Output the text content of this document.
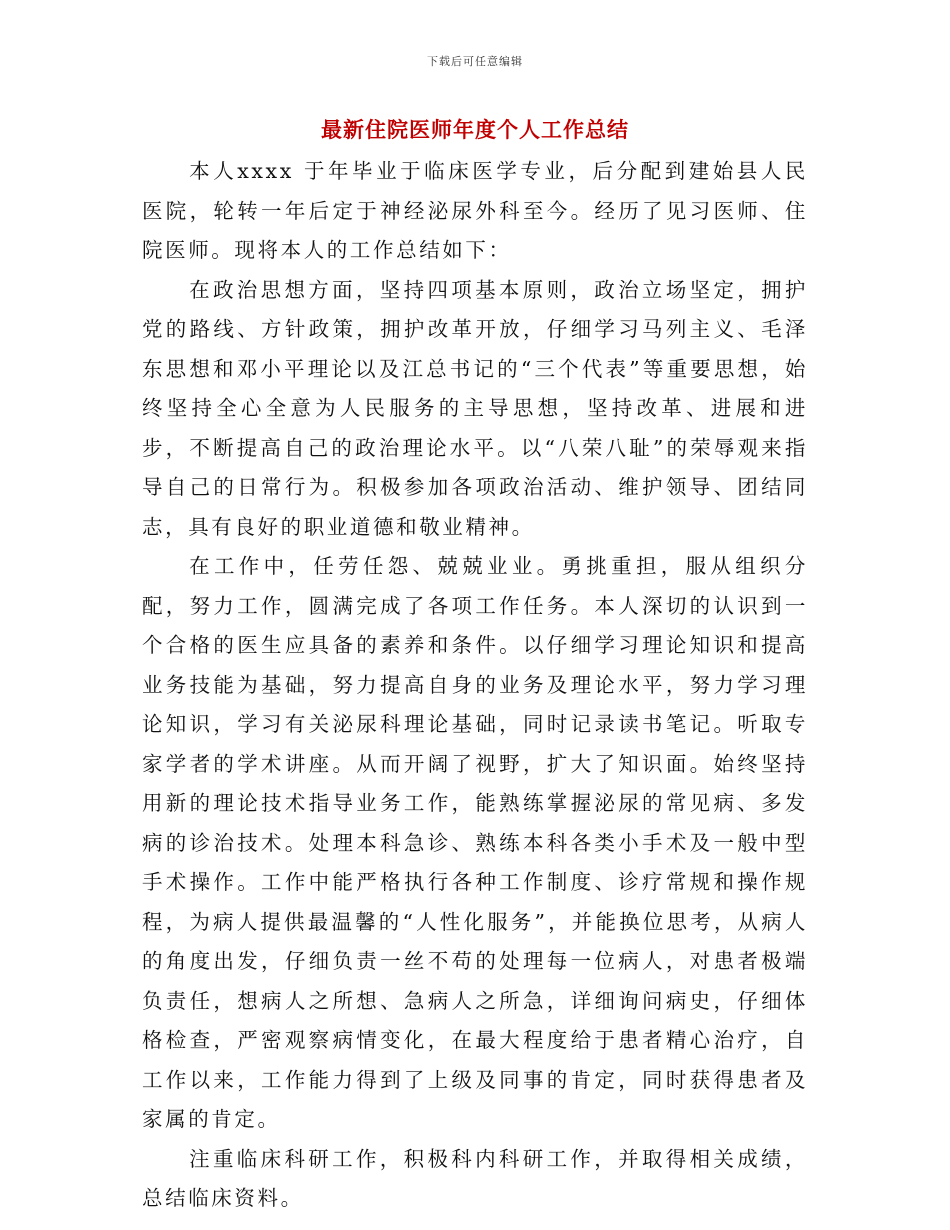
下载后可任意编辑
最新住院医师年度个人工作总结

本人xxxx 于年毕业于临床医学专业，后分配到建始县人民医院，轮转一年后定于神经泌尿外科至今。经历了见习医师、住院医师。现将本人的工作总结如下：

在政治思想方面，坚持四项基本原则，政治立场坚定，拥护党的路线、方针政策，拥护改革开放，仔细学习马列主义、毛泽东思想和邓小平理论以及江总书记的“三个代表”等重要思想，始终坚持全心全意为人民服务的主导思想，坚持改革、进展和进步，不断提高自己的政治理论水平。以“八荣八耻”的荣辱观来指导自己的日常行为。积极参加各项政治活动、维护领导、团结同志，具有良好的职业道德和敬业精神。

在工作中，任劳任怨、兢兢业业。勇挑重担，服从组织分配，努力工作，圆满完成了各项工作任务。本人深切的认识到一个合格的医生应具备的素养和条件。以仔细学习理论知识和提高业务技能为基础，努力提高自身的业务及理论水平，努力学习理论知识，学习有关泌尿科理论基础，同时记录读书笔记。听取专家学者的学术讲座。从而开阔了视野，扩大了知识面。始终坚持用新的理论技术指导业务工作，能熟练掌握泌尿的常见病、多发病的诊治技术。处理本科急诊、熟练本科各类小手术及一般中型手术操作。工作中能严格执行各种工作制度、诊疗常规和操作规程，为病人提供最温馨的“人性化服务”，并能换位思考，从病人的角度出发，仔细负责一丝不苟的处理每一位病人，对患者极端负责任，想病人之所想、急病人之所急，详细询问病史，仔细体格检查，严密观察病情变化，在最大程度给于患者精心治疗，自工作以来，工作能力得到了上级及同事的肯定，同时获得患者及家属的肯定。

注重临床科研工作，积极科内科研工作，并取得相关成绩，总结临床资料。
